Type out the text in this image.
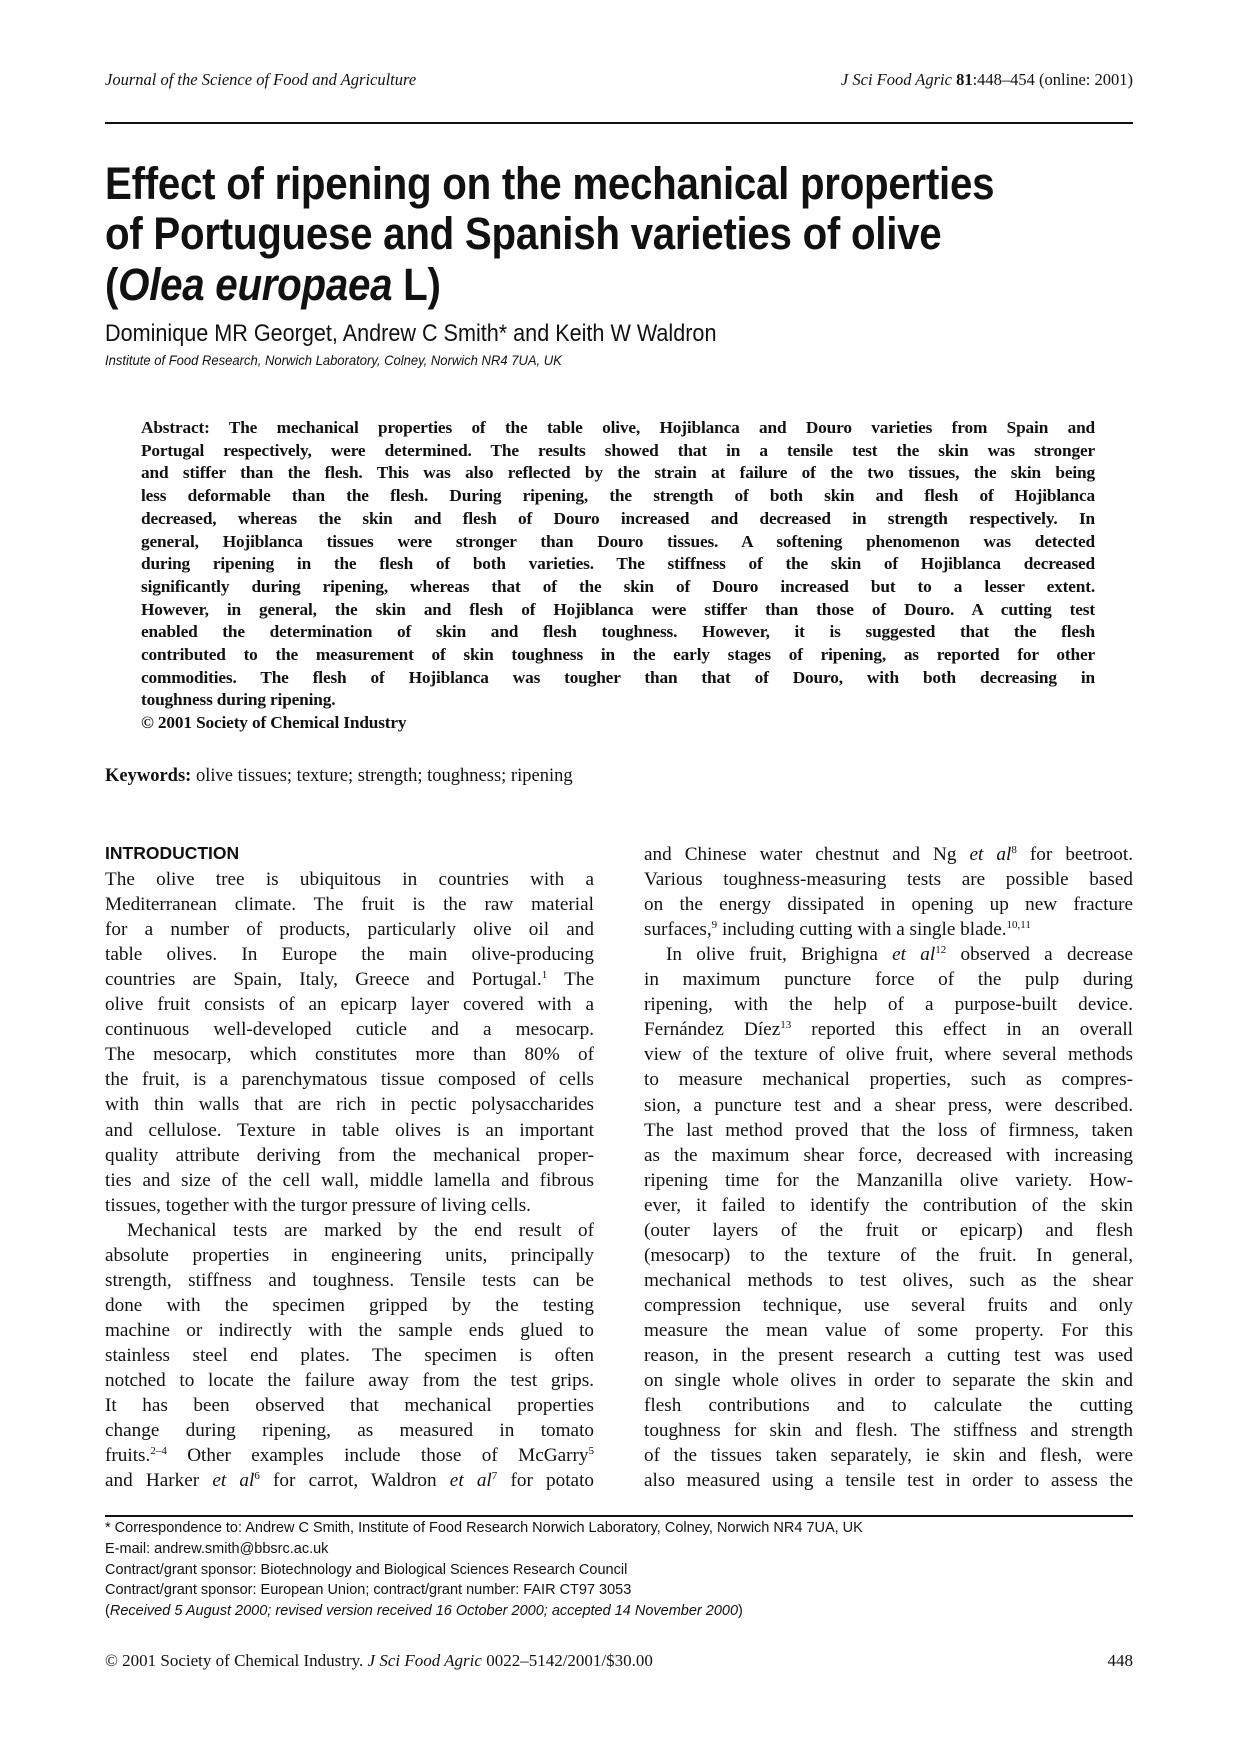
Journal of the Science of Food and Agriculture	J Sci Food Agric 81:448–454 (online: 2001)
Effect of ripening on the mechanical properties
of Portuguese and Spanish varieties of olive
(Olea europaea L)
Dominique MR Georget, Andrew C Smith* and Keith W Waldron
Institute of Food Research, Norwich Laboratory, Colney, Norwich NR4 7UA, UK
Abstract: The mechanical properties of the table olive, Hojiblanca and Douro varieties from Spain and
Portugal respectively, were determined. The results showed that in a tensile test the skin was stronger
and stiffer than the flesh. This was also reflected by the strain at failure of the two tissues, the skin being
less deformable than the flesh. During ripening, the strength of both skin and flesh of Hojiblanca
decreased, whereas the skin and flesh of Douro increased and decreased in strength respectively. In
general, Hojiblanca tissues were stronger than Douro tissues. A softening phenomenon was detected
during ripening in the flesh of both varieties. The stiffness of the skin of Hojiblanca decreased
significantly during ripening, whereas that of the skin of Douro increased but to a lesser extent.
However, in general, the skin and flesh of Hojiblanca were stiffer than those of Douro. A cutting test
enabled the determination of skin and flesh toughness. However, it is suggested that the flesh
contributed to the measurement of skin toughness in the early stages of ripening, as reported for other
commodities. The flesh of Hojiblanca was tougher than that of Douro, with both decreasing in
toughness during ripening.
© 2001 Society of Chemical Industry
Keywords: olive tissues; texture; strength; toughness; ripening
INTRODUCTION
The olive tree is ubiquitous in countries with a
Mediterranean climate. The fruit is the raw material
for a number of products, particularly olive oil and
table olives. In Europe the main olive-producing
countries are Spain, Italy, Greece and Portugal.$^1$ The
olive fruit consists of an epicarp layer covered with a
continuous well-developed cuticle and a mesocarp.
The mesocarp, which constitutes more than 80% of
the fruit, is a parenchymatous tissue composed of cells
with thin walls that are rich in pectic polysaccharides
and cellulose. Texture in table olives is an important
quality attribute deriving from the mechanical proper-
ties and size of the cell wall, middle lamella and fibrous
tissues, together with the turgor pressure of living cells.
Mechanical tests are marked by the end result of
absolute properties in engineering units, principally
strength, stiffness and toughness. Tensile tests can be
done with the specimen gripped by the testing
machine or indirectly with the sample ends glued to
stainless steel end plates. The specimen is often
notched to locate the failure away from the test grips.
It has been observed that mechanical properties
change during ripening, as measured in tomato
fruits.$^{2-4}$ Other examples include those of McGarry$^5$
and Harker et $al^6$ for carrot, Waldron et $al^7$ for potato
and Chinese water chestnut and Ng et $al^8$ for beetroot.
Various toughness-measuring tests are possible based
on the energy dissipated in opening up new fracture
surfaces,$^9$ including cutting with a single blade.$^{10,11}$
In olive fruit, Brighigna et $al^{12}$ observed a decrease
in maximum puncture force of the pulp during
ripening, with the help of a purpose-built device.
Fernández Díez$^{13}$ reported this effect in an overall
view of the texture of olive fruit, where several methods
to measure mechanical properties, such as compres-
sion, a puncture test and a shear press, were described.
The last method proved that the loss of firmness, taken
as the maximum shear force, decreased with increasing
ripening time for the Manzanilla olive variety. How-
ever, it failed to identify the contribution of the skin
(outer layers of the fruit or epicarp) and flesh
(mesocarp) to the texture of the fruit. In general,
mechanical methods to test olives, such as the shear
compression technique, use several fruits and only
measure the mean value of some property. For this
reason, in the present research a cutting test was used
on single whole olives in order to separate the skin and
flesh contributions and to calculate the cutting
toughness for skin and flesh. The stiffness and strength
of the tissues taken separately, ie skin and flesh, were
also measured using a tensile test in order to assess the
* Correspondence to: Andrew C Smith, Institute of Food Research Norwich Laboratory, Colney, Norwich NR4 7UA, UK
E-mail: andrew.smith@bbsrc.ac.uk
Contract/grant sponsor: Biotechnology and Biological Sciences Research Council
Contract/grant sponsor: European Union; contract/grant number: FAIR CT97 3053
(Received 5 August 2000; revised version received 16 October 2000; accepted 14 November 2000)
© 2001 Society of Chemical Industry. J Sci Food Agric 0022–5142/2001/$30.00	448
